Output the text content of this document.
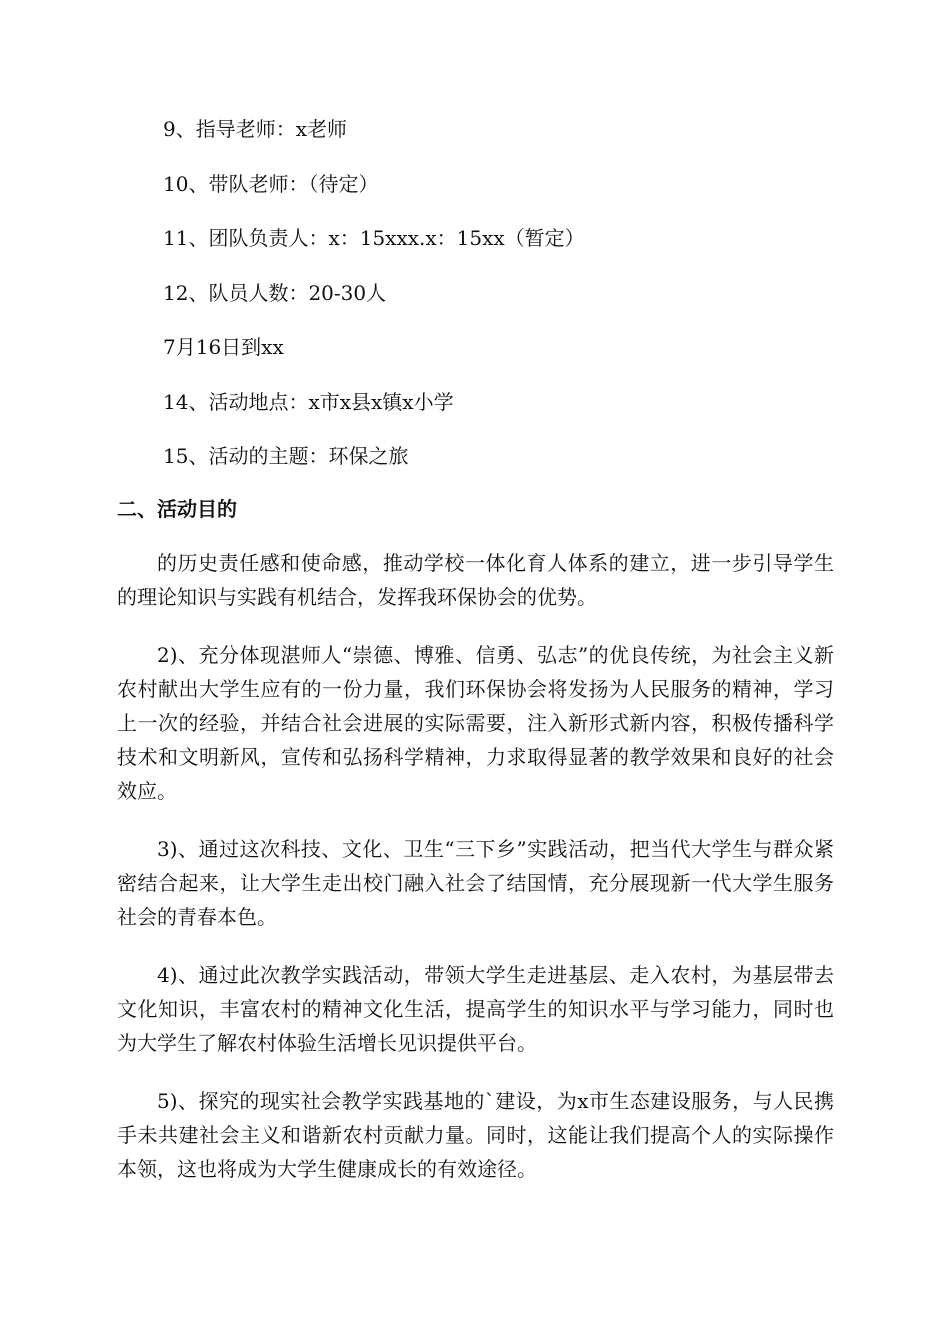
9、指导老师：x老师
10、带队老师：（待定）
11、团队负责人：x：15xxx.x：15xx（暂定）
12、队员人数：20-30人
7月16日到xx
14、活动地点：x市x县x镇x小学
15、活动的主题：环保之旅
二、活动目的

的历史责任感和使命感，推动学校一体化育人体系的建立，进一步引导学生的理论知识与实践有机结合，发挥我环保协会的优势。

2)、充分体现湛师人“崇德、博雅、信勇、弘志”的优良传统，为社会主义新农村献出大学生应有的一份力量，我们环保协会将发扬为人民服务的精神，学习上一次的经验，并结合社会进展的实际需要，注入新形式新内容，积极传播科学技术和文明新风，宣传和弘扬科学精神，力求取得显著的教学效果和良好的社会效应。

3)、通过这次科技、文化、卫生“三下乡”实践活动，把当代大学生与群众紧密结合起来，让大学生走出校门融入社会了结国情，充分展现新一代大学生服务社会的青春本色。

4)、通过此次教学实践活动，带领大学生走进基层、走入农村，为基层带去文化知识，丰富农村的精神文化生活，提高学生的知识水平与学习能力，同时也为大学生了解农村体验生活增长见识提供平台。

5)、探究的现实社会教学实践基地的`建设，为x市生态建设服务，与人民携手未共建社会主义和谐新农村贡献力量。同时，这能让我们提高个人的实际操作本领，这也将成为大学生健康成长的有效途径。
